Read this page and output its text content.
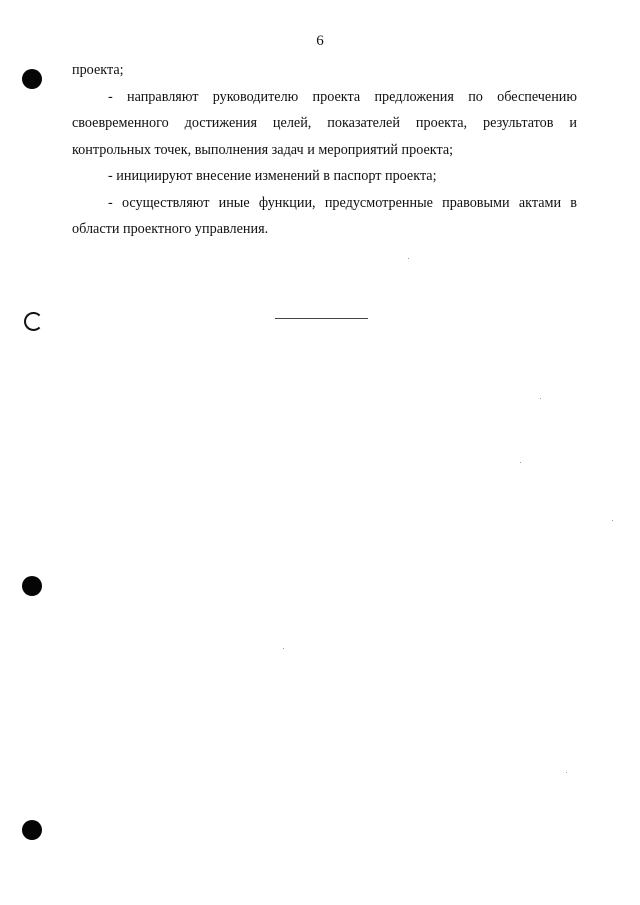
6

проекта;

- направляют руководителю проекта предложения по обеспечению своевременного достижения целей, показателей проекта, результатов и контрольных точек, выполнения задач и мероприятий проекта;

- инициируют внесение изменений в паспорт проекта;

- осуществляют иные функции, предусмотренные правовыми актами в области проектного управления.
